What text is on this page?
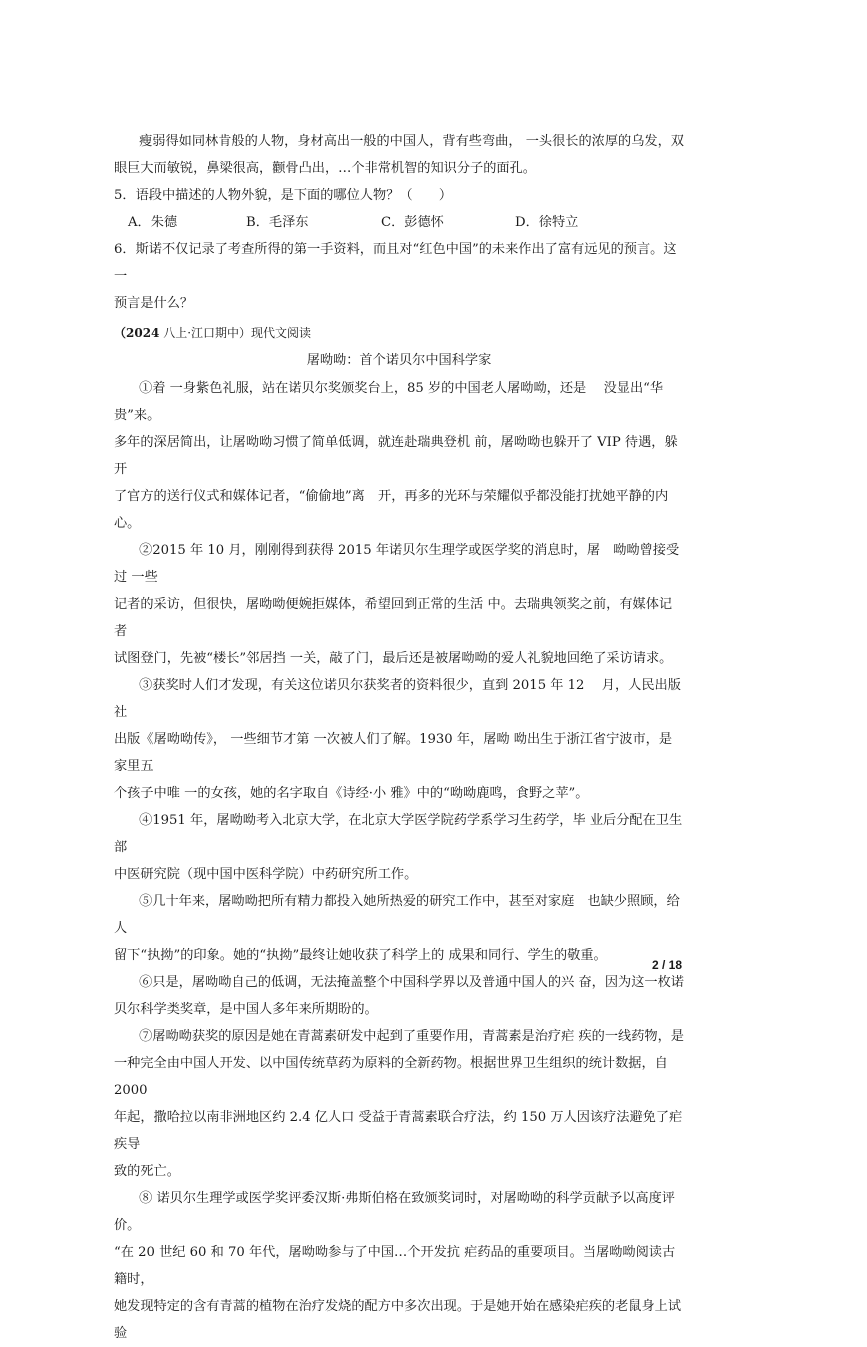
瘦弱得如同林肯般的人物，身材高出一般的中国人，背有些弯曲， 一头很长的浓厚的乌发，双

眼巨大而敏锐，鼻梁很高，颧骨凸出，…个非常机智的知识分子的面孔。

5．语段中描述的人物外貌，是下面的哪位人物？（　　）

A．朱德	B．毛泽东	C．彭德怀	D．徐特立

6．斯诺不仅记录了考查所得的第一手资料，而且对“红色中国”的未来作出了富有远见的预言。这一

预言是什么？

（2024 八上·江口期中）现代文阅读
屠呦呦：首个诺贝尔中国科学家

①着 一身紫色礼服，站在诺贝尔奖颁奖台上，85 岁的中国老人屠呦呦，还是 　没显出“华贵”来。

多年的深居简出，让屠呦呦习惯了简单低调，就连赴瑞典登机 前，屠呦呦也躲开了 VIP 待遇，躲开

了官方的送行仪式和媒体记者，“偷偷地”离　开，再多的光环与荣耀似乎都没能打扰她平静的内心。

②2015 年 10 月，刚刚得到获得 2015 年诺贝尔生理学或医学奖的消息时，屠　呦呦曾接受过 一些

记者的采访，但很快，屠呦呦便婉拒媒体，希望回到正常的生活 中。去瑞典领奖之前，有媒体记者

试图登门，先被“楼长”邻居挡 一关，敲了门，最后还是被屠呦呦的爱人礼貌地回绝了采访请求。

③获奖时人们才发现，有关这位诺贝尔获奖者的资料很少，直到 2015 年 12　 月，人民出版社

出版《屠呦呦传》， 一些细节才第 一次被人们了解。1930 年，屠呦 呦出生于浙江省宁波市，是家里五

个孩子中唯 一的女孩，她的名字取自《诗经·小 雅》中的“呦呦鹿鸣，食野之苹”。

④1951 年，屠呦呦考入北京大学，在北京大学医学院药学系学习生药学，毕 业后分配在卫生部

中医研究院（现中国中医科学院）中药研究所工作。

⑤几十年来，屠呦呦把所有精力都投入她所热爱的研究工作中，甚至对家庭　也缺少照顾，给人

留下“执拗”的印象。她的“执拗”最终让她收获了科学上的 成果和同行、学生的敬重。

⑥只是，屠呦呦自己的低调，无法掩盖整个中国科学界以及普通中国人的兴 奋，因为这一枚诺

贝尔科学类奖章，是中国人多年来所期盼的。

⑦屠呦呦获奖的原因是她在青蒿素研发中起到了重要作用，青蒿素是治疗疟 疾的一线药物，是

一种完全由中国人开发、以中国传统草药为原料的全新药物。根据世界卫生组织的统计数据，自 2000

年起，撒哈拉以南非洲地区约 2.4 亿人口 受益于青蒿素联合疗法，约 150 万人因该疗法避免了疟疾导

致的死亡。

⑧ 诺贝尔生理学或医学奖评委汉斯·弗斯伯格在致颁奖词时，对屠呦呦的科学贡献予以高度评价。

“在 20 世纪 60 和 70 年代，屠呦呦参与了中国…个开发抗 疟药品的重要项目。当屠呦呦阅读古籍时，

她发现特定的含有青蒿的植物在治疗发烧的配方中多次出现。于是她开始在感染疟疾的老鼠身上试验

2 / 18
